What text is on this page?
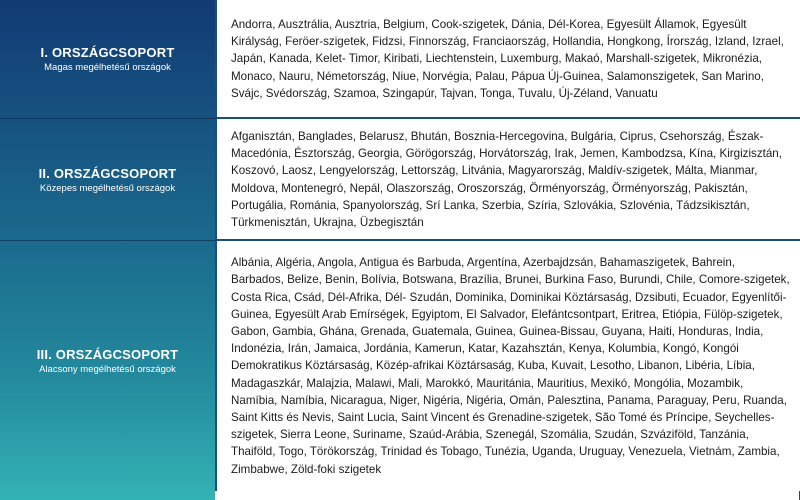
I. ORSZÁGCSOPORT
Magas megélhetésű országok

Andorra, Ausztrália, Ausztria, Belgium, Cook-szigetek, Dánia, Dél-Korea, Egyesült Államok, Egyesült Királyság, Feröer-szigetek, Fidzsi, Finnország, Franciaország, Hollandia, Hongkong, Írország, Izland, Izrael, Japán, Kanada, Kelet- Timor, Kiribati, Liechtenstein, Luxemburg, Makaó, Marshall-szigetek, Mikronézia, Monaco, Nauru, Németország, Niue, Norvégia, Palau, Pápua Új-Guinea, Salamonszigetek, San Marino, Svájc, Svédország, Szamoa, Szingapúr, Tajvan, Tonga, Tuvalu, Új-Zéland, Vanuatu

II. ORSZÁGCSOPORT
Közepes megélhetésű országok

Afganisztán, Banglades, Belarusz, Bhután, Bosznia-Hercegovina, Bulgária, Ciprus, Csehország, Észak-Macedónia, Észtország, Georgia, Görögország, Horvátország, Irak, Jemen, Kambodzsa, Kína, Kirgizisztán, Koszovó, Laosz, Lengyelország, Lettország, Litvánia, Magyarország, Maldív-szigetek, Málta, Mianmar, Moldova, Montenegró, Nepál, Olaszország, Oroszország, Örményország, Örményország, Pakisztán, Portugália, Románia, Spanyolország, Srí Lanka, Szerbia, Szíria, Szlovákia, Szlovénia, Tádzsikisztán, Türkmenisztán, Ukrajna, Üzbegisztán

III. ORSZÁGCSOPORT
Alacsony megélhetésű országok

Albánia, Algéria, Angola, Antigua és Barbuda, Argentína, Azerbajdzsán, Bahamaszigetek, Bahrein, Barbados, Belize, Benin, Bolívia, Botswana, Brazília, Brunei, Burkina Faso, Burundi, Chile, Comore-szigetek, Costa Rica, Csád, Dél-Afrika, Dél- Szudán, Dominika, Dominikai Köztársaság, Dzsibuti, Ecuador, Egyenlítői-Guinea, Egyesült Arab Emírségek, Egyiptom, El Salvador, Elefántcsontpart, Eritrea, Etiópia, Fülöp-szigetek, Gabon, Gambia, Ghána, Grenada, Guatemala, Guinea, Guinea-Bissau, Guyana, Haiti, Honduras, India, Indonézia, Irán, Jamaica, Jordánia, Kamerun, Katar, Kazahsztán, Kenya, Kolumbia, Kongó, Kongói Demokratikus Köztársaság, Közép-afrikai Köztársaság, Kuba, Kuvait, Lesotho, Libanon, Libéria, Líbia, Madagaszkár, Malajzia, Malawi, Mali, Marokkó, Mauritánia, Mauritius, Mexikó, Mongólia, Mozambik, Namíbia, Namíbia, Nicaragua, Niger, Nigéria, Nigéria, Omán, Palesztina, Panama, Paraguay, Peru, Ruanda, Saint Kitts és Nevis, Saint Lucia, Saint Vincent és Grenadine-szigetek, São Tomé és Príncipe, Seychelles-szigetek, Sierra Leone, Suriname, Szaúd-Arábia, Szenegál, Szomália, Szudán, Szváziföld, Tanzánia, Thaiföld, Togo, Törökország, Trinidad és Tobago, Tunézia, Uganda, Uruguay, Venezuela, Vietnám, Zambia, Zimbabwe, Zöld-foki szigetek
